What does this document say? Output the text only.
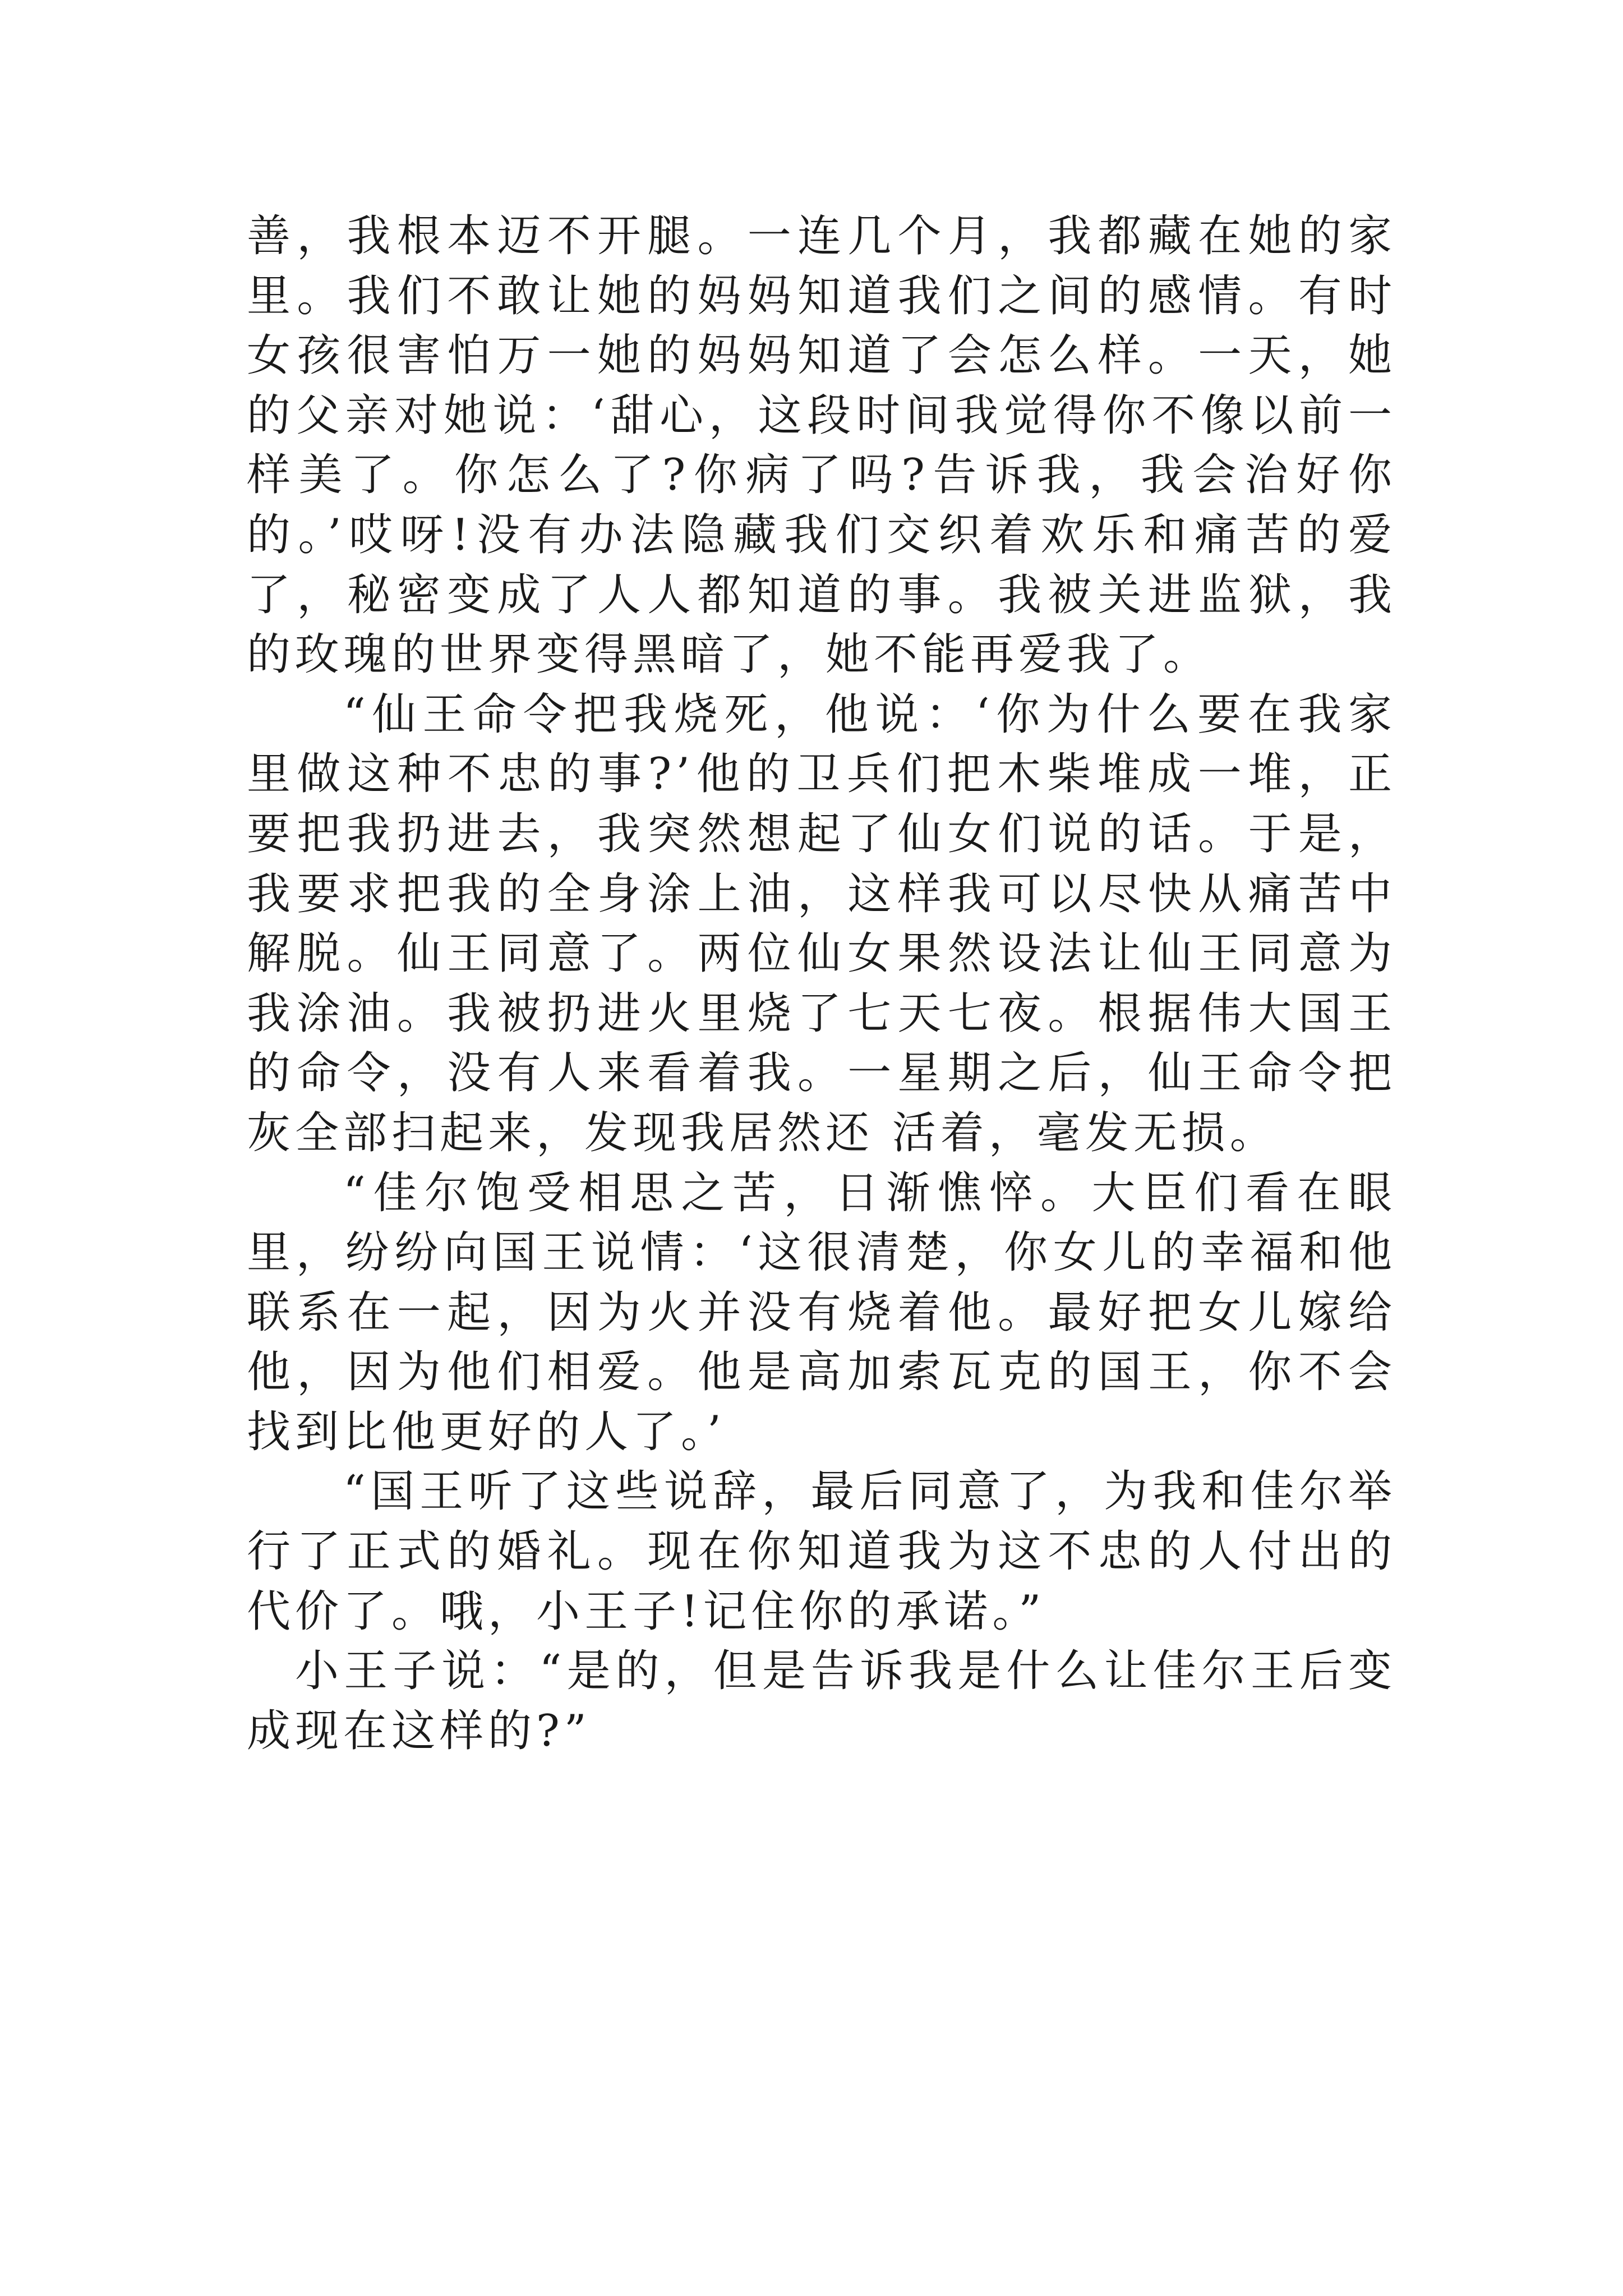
善，我根本迈不开腿。一连几个月，我都藏在她的家里。我们不敢让她的妈妈知道我们之间的感情。有时女孩很害怕万一她的妈妈知道了会怎么样。一天，她的父亲对她说：‘甜心，这段时间我觉得你不像以前一样美了。你怎么了?你病了吗?告诉我，我会治好你的。’哎呀!没有办法隐藏我们交织着欢乐和痛苦的爱了，秘密变成了人人都知道的事。我被关进监狱，我的玫瑰的世界变得黑暗了，她不能再爱我了。

“仙王命令把我烧死，他说：‘你为什么要在我家里做这种不忠的事?’他的卫兵们把木柴堆成一堆，正要把我扔进去，我突然想起了仙女们说的话。于是，我要求把我的全身涂上油，这样我可以尽快从痛苦中解脱。仙王同意了。两位仙女果然设法让仙王同意为我涂油。我被扔进火里烧了七天七夜。根据伟大国王的命令，没有人来看着我。一星期之后，仙王命令把灰全部扫起来，发现我居然还 活着，毫发无损。

“佳尔饱受相思之苦，日渐憔悴。大臣们看在眼里，纷纷向国王说情：‘这很清楚，你女儿的幸福和他联系在一起，因为火并没有烧着他。最好把女儿嫁给他，因为他们相爱。他是高加索瓦克的国王，你不会找到比他更好的人了。’

“国王听了这些说辞，最后同意了，为我和佳尔举行了正式的婚礼。现在你知道我为这不忠的人付出的代价了。哦，小王子!记住你的承诺。”

小王子说：“是的，但是告诉我是什么让佳尔王后变成现在这样的?”
